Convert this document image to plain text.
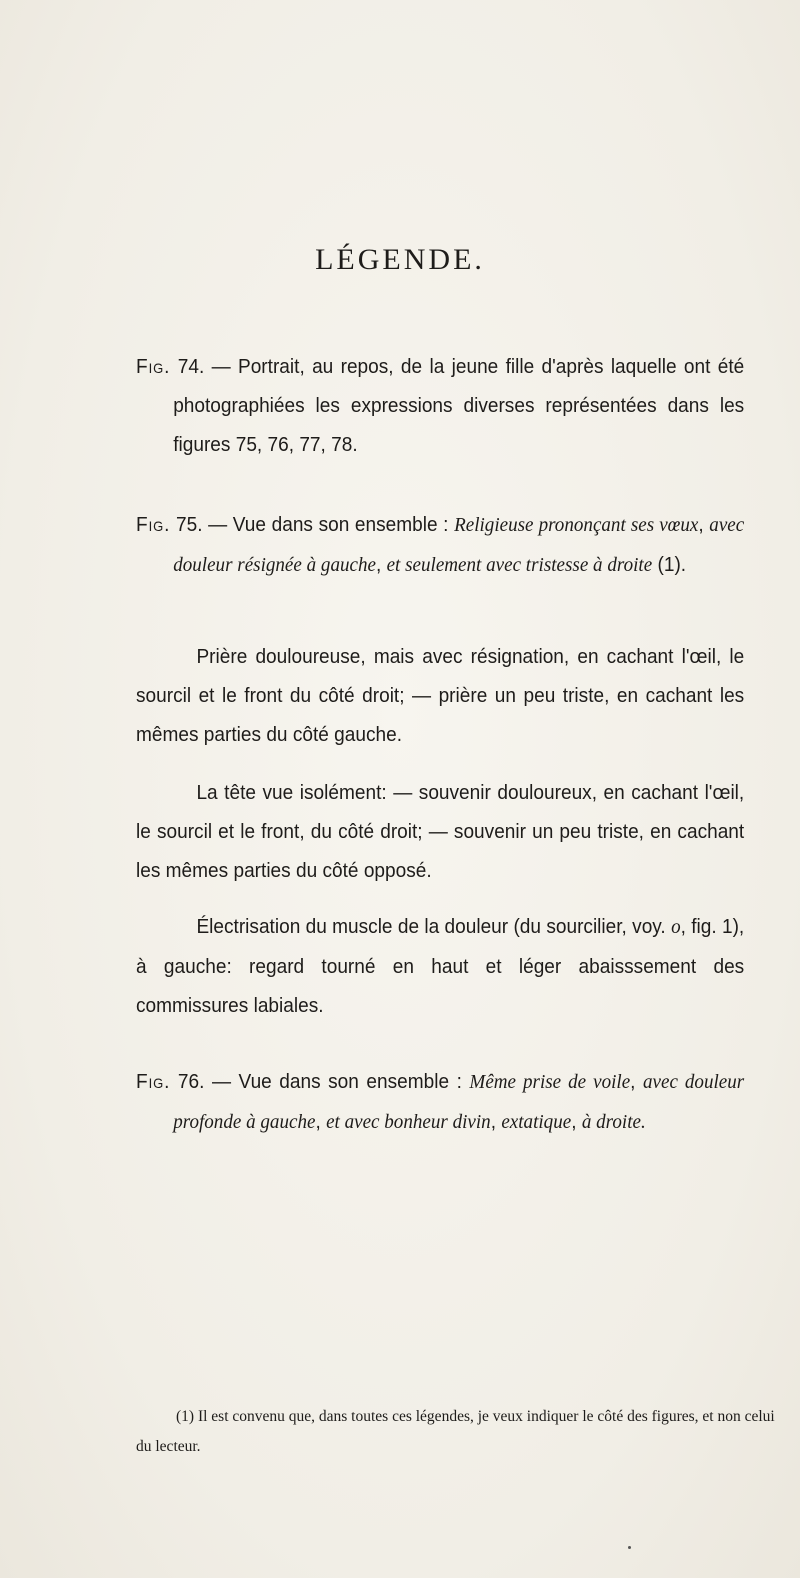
LÉGENDE.

Fig. 74. — Portrait, au repos, de la jeune fille d'après laquelle ont été photographiées les expressions diverses représentées dans les figures 75, 76, 77, 78.

Fig. 75. — Vue dans son ensemble : Religieuse prononçant ses vœux, avec douleur résignée à gauche, et seulement avec tristesse à droite (1).

Prière douloureuse, mais avec résignation, en cachant l'œil, le sourcil et le front du côté droit; — prière un peu triste, en cachant les mêmes parties du côté gauche.

La tête vue isolément: — souvenir douloureux, en cachant l'œil, le sourcil et le front, du côté droit; — souvenir un peu triste, en cachant les mêmes parties du côté opposé.

Électrisation du muscle de la douleur (du sourcilier, voy. o, fig. 1), à gauche: regard tourné en haut et léger abaisssement des commissures labiales.

Fig. 76. — Vue dans son ensemble : Même prise de voile, avec douleur profonde à gauche, et avec bonheur divin, extatique, à droite.

(1) Il est convenu que, dans toutes ces légendes, je veux indiquer le côté des figures, et non celui du lecteur.
